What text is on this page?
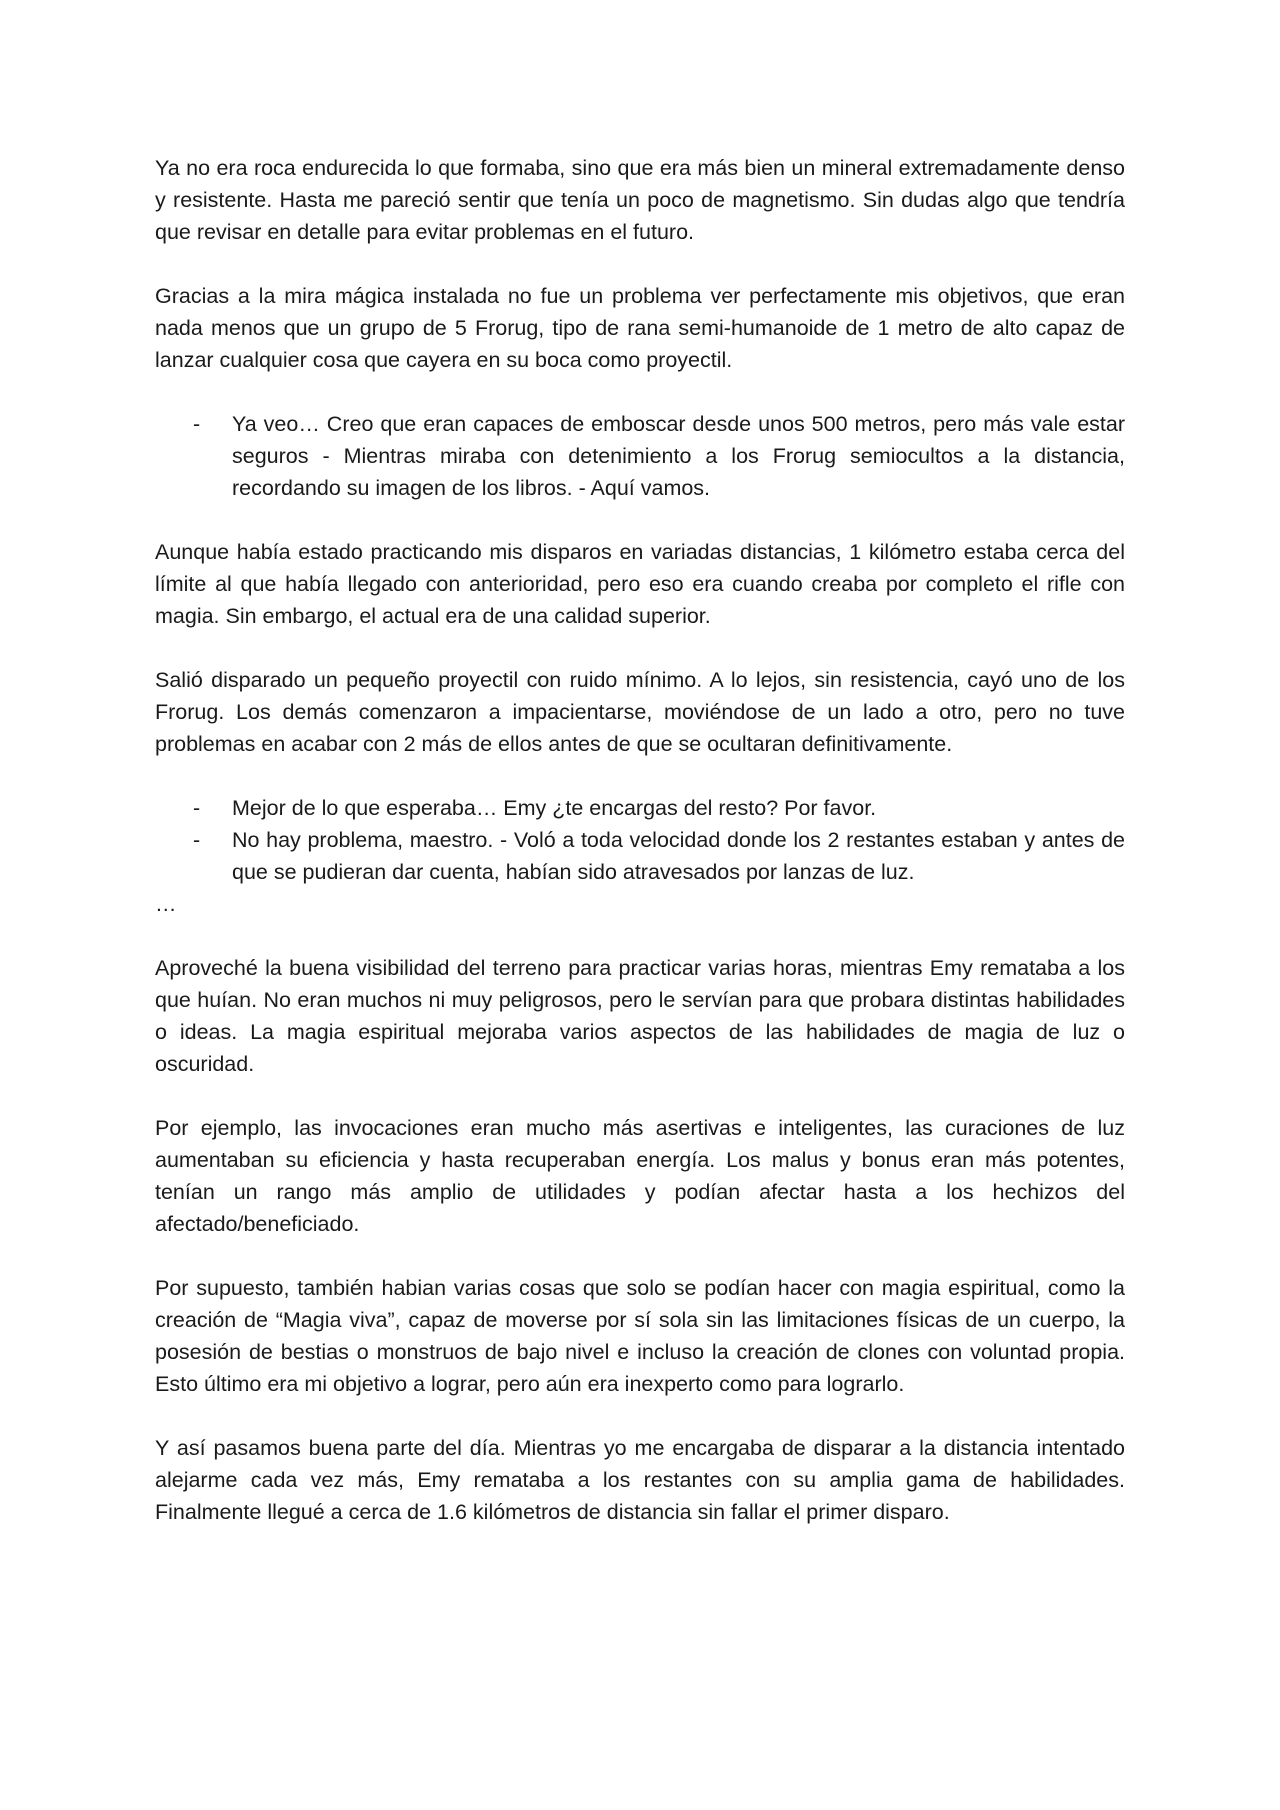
Ya no era roca endurecida lo que formaba, sino que era más bien un mineral extremadamente denso y resistente. Hasta me pareció sentir que tenía un poco de magnetismo. Sin dudas algo que tendría que revisar en detalle para evitar problemas en el futuro.

Gracias a la mira mágica instalada no fue un problema ver perfectamente mis objetivos, que eran nada menos que un grupo de 5 Frorug, tipo de rana semi-humanoide de 1 metro de alto capaz de lanzar cualquier cosa que cayera en su boca como proyectil.

- Ya veo… Creo que eran capaces de emboscar desde unos 500 metros, pero más vale estar seguros - Mientras miraba con detenimiento a los Frorug semiocultos a la distancia, recordando su imagen de los libros. - Aquí vamos.

Aunque había estado practicando mis disparos en variadas distancias, 1 kilómetro estaba cerca del límite al que había llegado con anterioridad, pero eso era cuando creaba por completo el rifle con magia. Sin embargo, el actual era de una calidad superior.

Salió disparado un pequeño proyectil con ruido mínimo. A lo lejos, sin resistencia, cayó uno de los Frorug. Los demás comenzaron a impacientarse, moviéndose de un lado a otro, pero no tuve problemas en acabar con 2 más de ellos antes de que se ocultaran definitivamente.

- Mejor de lo que esperaba… Emy ¿te encargas del resto? Por favor.
- No hay problema, maestro. - Voló a toda velocidad donde los 2 restantes estaban y antes de que se pudieran dar cuenta, habían sido atravesados por lanzas de luz.

…

Aproveché la buena visibilidad del terreno para practicar varias horas, mientras Emy remataba a los que huían. No eran muchos ni muy peligrosos, pero le servían para que probara distintas habilidades o ideas. La magia espiritual mejoraba varios aspectos de las habilidades de magia de luz o oscuridad.

Por ejemplo, las invocaciones eran mucho más asertivas e inteligentes, las curaciones de luz aumentaban su eficiencia y hasta recuperaban energía. Los malus y bonus eran más potentes, tenían un rango más amplio de utilidades y podían afectar hasta a los hechizos del afectado/beneficiado.

Por supuesto, también habian varias cosas que solo se podían hacer con magia espiritual, como la creación de “Magia viva”, capaz de moverse por sí sola sin las limitaciones físicas de un cuerpo, la posesión de bestias o monstruos de bajo nivel e incluso la creación de clones con voluntad propia. Esto último era mi objetivo a lograr, pero aún era inexperto como para lograrlo.

Y así pasamos buena parte del día. Mientras yo me encargaba de disparar a la distancia intentado alejarme cada vez más, Emy remataba a los restantes con su amplia gama de habilidades. Finalmente llegué a cerca de 1.6 kilómetros de distancia sin fallar el primer disparo.
